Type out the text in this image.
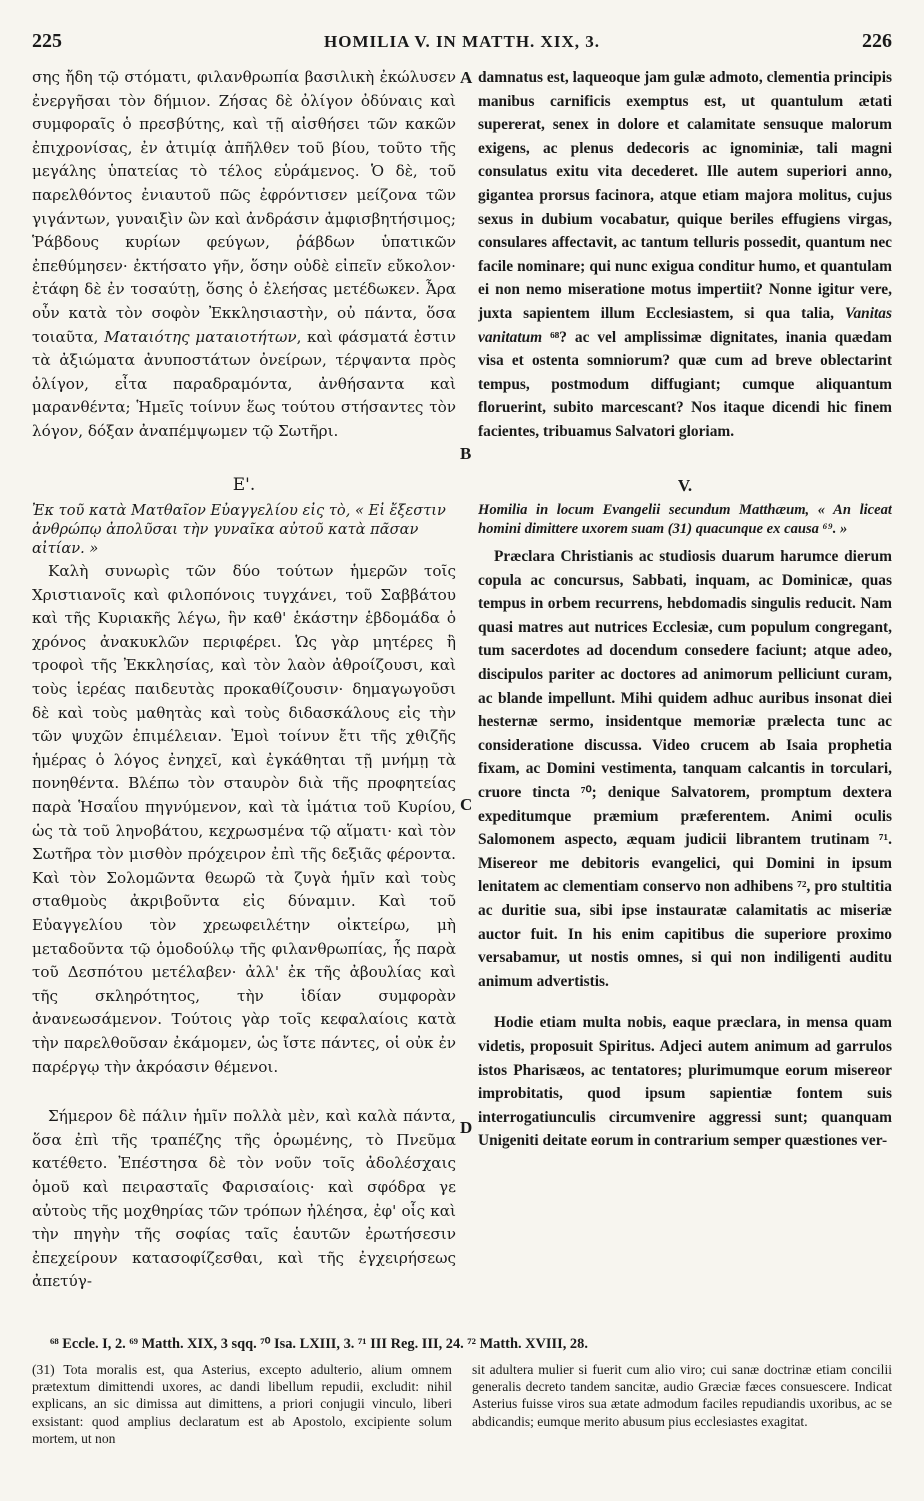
225	HOMILIA V. IN MATTH. XIX, 3.	226

σης ἤδη τῷ στόματι, φιλανθρωπία βασιλικὴ ἐκώλυσεν ἐνεργῆσαι τὸν δήμιον. Ζήσας δὲ ὀλίγον ὀδύναις καὶ συμφοραῖς ὁ πρεσβύτης, καὶ τῇ αἰσθήσει τῶν κακῶν ἐπιχρονίσας, ἐν ἀτιμίᾳ ἀπῆλθεν τοῦ βίου, τοῦτο τῆς μεγάλης ὑπατείας τὸ τέλος εὑράμενος. Ὁ δὲ, τοῦ παρελθόντος ἐνιαυτοῦ πῶς ἐφρόντισεν μείζονα τῶν γιγάντων, γυναιξὶν ὢν καὶ ἀνδράσιν ἀμφισβητήσιμος; Ῥάβδους κυρίων φεύγων, ῥάβδων ὑπατικῶν ἐπεθύμησεν· ἐκτήσατο γῆν, ὅσην οὐδὲ εἰπεῖν εὔκολον· ἐτάφη δὲ ἐν τοσαύτῃ, ὅσης ὁ ἐλεήσας μετέδωκεν. Ἆρα οὖν κατὰ τὸν σοφὸν Ἐκκλησιαστὴν, οὐ πάντα, ὅσα τοιαῦτα, Ματαιότης ματαιοτήτων, καὶ φάσματά ἐστιν τὰ ἀξιώματα ἀνυποστάτων ὀνείρων, τέρψαντα πρὸς ὀλίγον, εἶτα παραδραμόντα, ἀνθήσαντα καὶ μαρανθέντα; Ἡμεῖς τοίνυν ἕως τούτου στήσαντες τὸν λόγον, δόξαν ἀναπέμψωμεν τῷ Σωτῆρι.

Ε'.
Ἐκ τοῦ κατὰ Ματθαῖον Εὐαγγελίου εἰς τὸ, « Εἰ ἔξεστιν ἀνθρώπῳ ἀπολῦσαι τὴν γυναῖκα αὐτοῦ κατὰ πᾶσαν αἰτίαν. »

Καλὴ συνωρὶς τῶν δύο τούτων ἡμερῶν τοῖς Χριστιανοῖς καὶ φιλοπόνοις τυγχάνει, τοῦ Σαββάτου καὶ τῆς Κυριακῆς λέγω, ἣν καθ' ἑκάστην ἑβδομάδα ὁ χρόνος ἀνακυκλῶν περιφέρει. Ὡς γὰρ μητέρες ἢ τροφοὶ τῆς Ἐκκλησίας, καὶ τὸν λαὸν ἀθροίζουσι, καὶ τοὺς ἱερέας παιδευτὰς προκαθίζουσιν· δημαγωγοῦσι δὲ καὶ τοὺς μαθητὰς καὶ τοὺς διδασκάλους εἰς τὴν τῶν ψυχῶν ἐπιμέλειαν. Ἐμοὶ τοίνυν ἔτι τῆς χθιζῆς ἡμέρας ὁ λόγος ἐνηχεῖ, καὶ ἐγκάθηται τῇ μνήμῃ τὰ πονηθέντα. Βλέπω τὸν σταυρὸν διὰ τῆς προφητείας παρὰ Ἡσαΐου πηγνύμενον, καὶ τὰ ἱμάτια τοῦ Κυρίου, ὡς τὰ τοῦ ληνοβάτου, κεχρωσμένα τῷ αἵματι· καὶ τὸν Σωτῆρα τὸν μισθὸν πρόχειρον ἐπὶ τῆς δεξιᾶς φέροντα. Καὶ τὸν Σολομῶντα θεωρῶ τὰ ζυγὰ ἡμῖν καὶ τοὺς σταθμοὺς ἀκριβοῦντα εἰς δύναμιν. Καὶ τοῦ Εὐαγγελίου τὸν χρεωφειλέτην οἰκτείρω, μὴ μεταδοῦντα τῷ ὁμοδούλῳ τῆς φιλανθρωπίας, ἧς παρὰ τοῦ Δεσπότου μετέλαβεν· ἀλλ' ἐκ τῆς ἀβουλίας καὶ τῆς σκληρότητος, τὴν ἰδίαν συμφορὰν ἀνανεωσάμενον. Τούτοις γὰρ τοῖς κεφαλαίοις κατὰ τὴν παρελθοῦσαν ἐκάμομεν, ὡς ἴστε πάντες, οἱ οὐκ ἐν παρέργῳ τὴν ἀκρόασιν θέμενοι.

Σήμερον δὲ πάλιν ἡμῖν πολλὰ μὲν, καὶ καλὰ πάντα, ὅσα ἐπὶ τῆς τραπέζης τῆς ὁρωμένης, τὸ Πνεῦμα κατέθετο. Ἐπέστησα δὲ τὸν νοῦν τοῖς ἀδολέσχαις ὁμοῦ καὶ πειρασταῖς Φαρισαίοις· καὶ σφόδρα γε αὐτοὺς τῆς μοχθηρίας τῶν τρόπων ἠλέησα, ἐφ' οἷς καὶ τὴν πηγὴν τῆς σοφίας ταῖς ἑαυτῶν ἐρωτήσεσιν ἐπεχείρουν κατασοφίζεσθαι, καὶ τῆς ἐγχειρήσεως ἀπετύγ-

A
B
C
D

damnatus est, laqueoque jam gulæ admoto, clementia principis manibus carnificis exemptus est, ut quantulum ætati supererat, senex in dolore et calamitate sensuque malorum exigens, ac plenus dedecoris ac ignominiæ, tali magni consulatus exitu vita decederet. Ille autem superiori anno, gigantea prorsus facinora, atque etiam majora molitus, cujus sexus in dubium vocabatur, quique beriles effugiens virgas, consulares affectavit, ac tantum telluris possedit, quantum nec facile nominare; qui nunc exigua conditur humo, et quantulam ei non nemo miseratione motus impertiit? Nonne igitur vere, juxta sapientem illum Ecclesiastem, si qua talia, Vanitas vanitatum ⁶⁸? ac vel amplissimæ dignitates, inania quædam visa et ostenta somniorum? quæ cum ad breve oblectarint tempus, postmodum diffugiant; cumque aliquantum floruerint, subito marcescant? Nos itaque dicendi hic finem facientes, tribuamus Salvatori gloriam.

V.
Homilia in locum Evangelii secundum Matthæum, « An liceat homini dimittere uxorem suam (31) quacunque ex causa ⁶⁹. »

Præclara Christianis ac studiosis duarum harumce dierum copula ac concursus, Sabbati, inquam, ac Dominicæ, quas tempus in orbem recurrens, hebdomadis singulis reducit. Nam quasi matres aut nutrices Ecclesiæ, cum populum congregant, tum sacerdotes ad docendum consedere faciunt; atque adeo, discipulos pariter ac doctores ad animorum pelliciunt curam, ac blande impellunt. Mihi quidem adhuc auribus insonat diei hesternæ sermo, insidentque memoriæ prælecta tunc ac consideratione discussa. Video crucem ab Isaia prophetia fixam, ac Domini vestimenta, tanquam calcantis in torculari, cruore tincta ⁷⁰; denique Salvatorem, promptum dextera expeditumque præmium præferentem. Animi oculis Salomonem aspecto, æquam judicii librantem trutinam ⁷¹. Misereor me debitoris evangelici, qui Domini in ipsum lenitatem ac clementiam conservo non adhibens ⁷², pro stultitia ac duritie sua, sibi ipse instauratæ calamitatis ac miseriæ auctor fuit. In his enim capitibus die superiore proximo versabamur, ut nostis omnes, si qui non indiligenti auditu animum advertistis.

Hodie etiam multa nobis, eaque præclara, in mensa quam videtis, proposuit Spiritus. Adjeci autem animum ad garrulos istos Pharisæos, ac tentatores; plurimumque eorum misereor improbitatis, quod ipsum sapientiæ fontem suis interrogatiunculis circumvenire aggressi sunt; quanquam Unigeniti deitate eorum in contrarium semper quæstiones ver-

⁶⁸ Eccle. I, 2. ⁶⁹ Matth. XIX, 3 sqq. ⁷⁰ Isa. LXIII, 3. ⁷¹ III Reg. III, 24. ⁷² Matth. XVIII, 28.
(31) Tota moralis est, qua Asterius, excepto adulterio, alium omnem prætextum dimittendi uxores, ac dandi libellum repudii, excludit: nihil explicans, an sic dimissa aut dimittens, a priori conjugii vinculo, liberi exsistant: quod amplius declaratum est ab Apostolo, excipiente solum mortem, ut non
sit adultera mulier si fuerit cum alio viro; cui sanæ doctrinæ etiam concilii generalis decreto tandem sancitæ, audio Græciæ fæces consuescere. Indicat Asterius fuisse viros sua ætate admodum faciles repudiandis uxoribus, ac se abdicandis; eumque merito abusum pius ecclesiastes exagitat.
